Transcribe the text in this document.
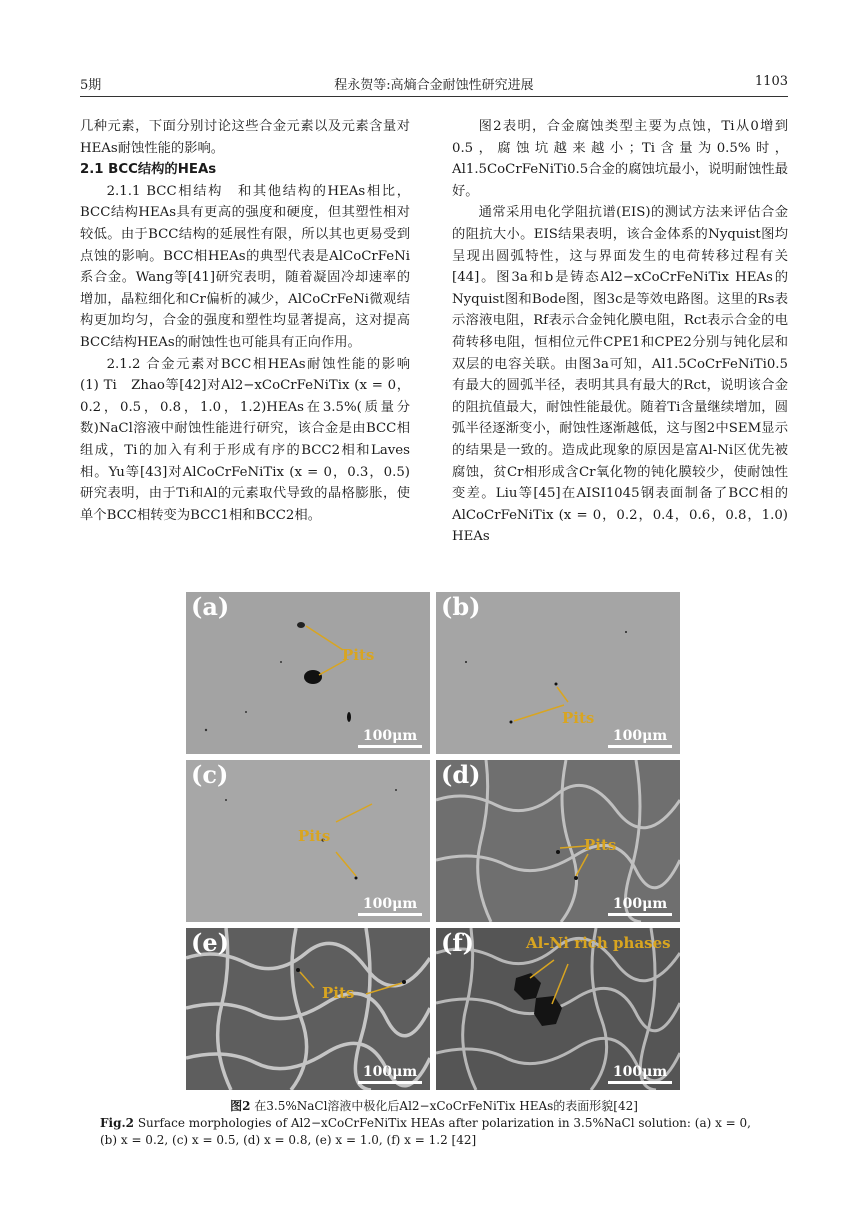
5期	程永贺等:高熵合金耐蚀性研究进展	1103

几种元素，下面分别讨论这些合金元素以及元素含量对HEAs耐蚀性能的影响。

2.1 BCC结构的HEAs

2.1.1 BCC相结构　和其他结构的HEAs相比，BCC结构HEAs具有更高的强度和硬度，但其塑性相对较低。由于BCC结构的延展性有限，所以其也更易受到点蚀的影响。BCC相HEAs的典型代表是AlCoCrFeNi系合金。Wang等[41]研究表明，随着凝固冷却速率的增加，晶粒细化和Cr偏析的减少，AlCoCrFeNi微观结构更加均匀，合金的强度和塑性均显著提高，这对提高BCC结构HEAs的耐蚀性也可能具有正向作用。

2.1.2 合金元素对BCC相HEAs耐蚀性能的影响　(1) Ti　Zhao等[42]对Al2−xCoCrFeNiTix (x = 0，0.2，0.5，0.8，1.0，1.2)HEAs在3.5%(质量分数)NaCl溶液中耐蚀性能进行研究，该合金是由BCC相组成，Ti的加入有利于形成有序的BCC2相和Laves相。Yu等[43]对AlCoCrFeNiTix (x = 0，0.3，0.5)研究表明，由于Ti和Al的元素取代导致的晶格膨胀，使单个BCC相转变为BCC1相和BCC2相。

图2表明，合金腐蚀类型主要为点蚀，Ti从0增到0.5，腐蚀坑越来越小；Ti含量为0.5%时，Al1.5CoCrFeNiTi0.5合金的腐蚀坑最小，说明耐蚀性最好。

通常采用电化学阻抗谱(EIS)的测试方法来评估合金的阻抗大小。EIS结果表明，该合金体系的Nyquist图均呈现出圆弧特性，这与界面发生的电荷转移过程有关[44]。图3a和b是铸态Al2−xCoCrFeNiTix HEAs的Nyquist图和Bode图，图3c是等效电路图。这里的Rs表示溶液电阻，Rf表示合金钝化膜电阻，Rct表示合金的电荷转移电阻，恒相位元件CPE1和CPE2分别与钝化层和双层的电容关联。由图3a可知，Al1.5CoCrFeNiTi0.5有最大的圆弧半径，表明其具有最大的Rct，说明该合金的阻抗值最大，耐蚀性能最优。随着Ti含量继续增加，圆弧半径逐渐变小，耐蚀性逐渐越低，这与图2中SEM显示的结果是一致的。造成此现象的原因是富Al-Ni区优先被腐蚀，贫Cr相形成含Cr氧化物的钝化膜较少，使耐蚀性变差。Liu等[45]在AISI1045钢表面制备了BCC相的AlCoCrFeNiTix (x = 0，0.2，0.4，0.6，0.8，1.0) HEAs

(a)
Pits
100μm
(b)
Pits
100μm
(c)
Pits
100μm
(d)
Pits
100μm
(e)
Pits
100μm
(f)	Al-Ni rich phases
100μm
图2 在3.5%NaCl溶液中极化后Al2−xCoCrFeNiTix HEAs的表面形貌[42]
Fig.2 Surface morphologies of Al2−xCoCrFeNiTix HEAs after polarization in 3.5%NaCl solution: (a) x = 0, (b) x = 0.2, (c) x = 0.5, (d) x = 0.8, (e) x = 1.0, (f) x = 1.2 [42]
